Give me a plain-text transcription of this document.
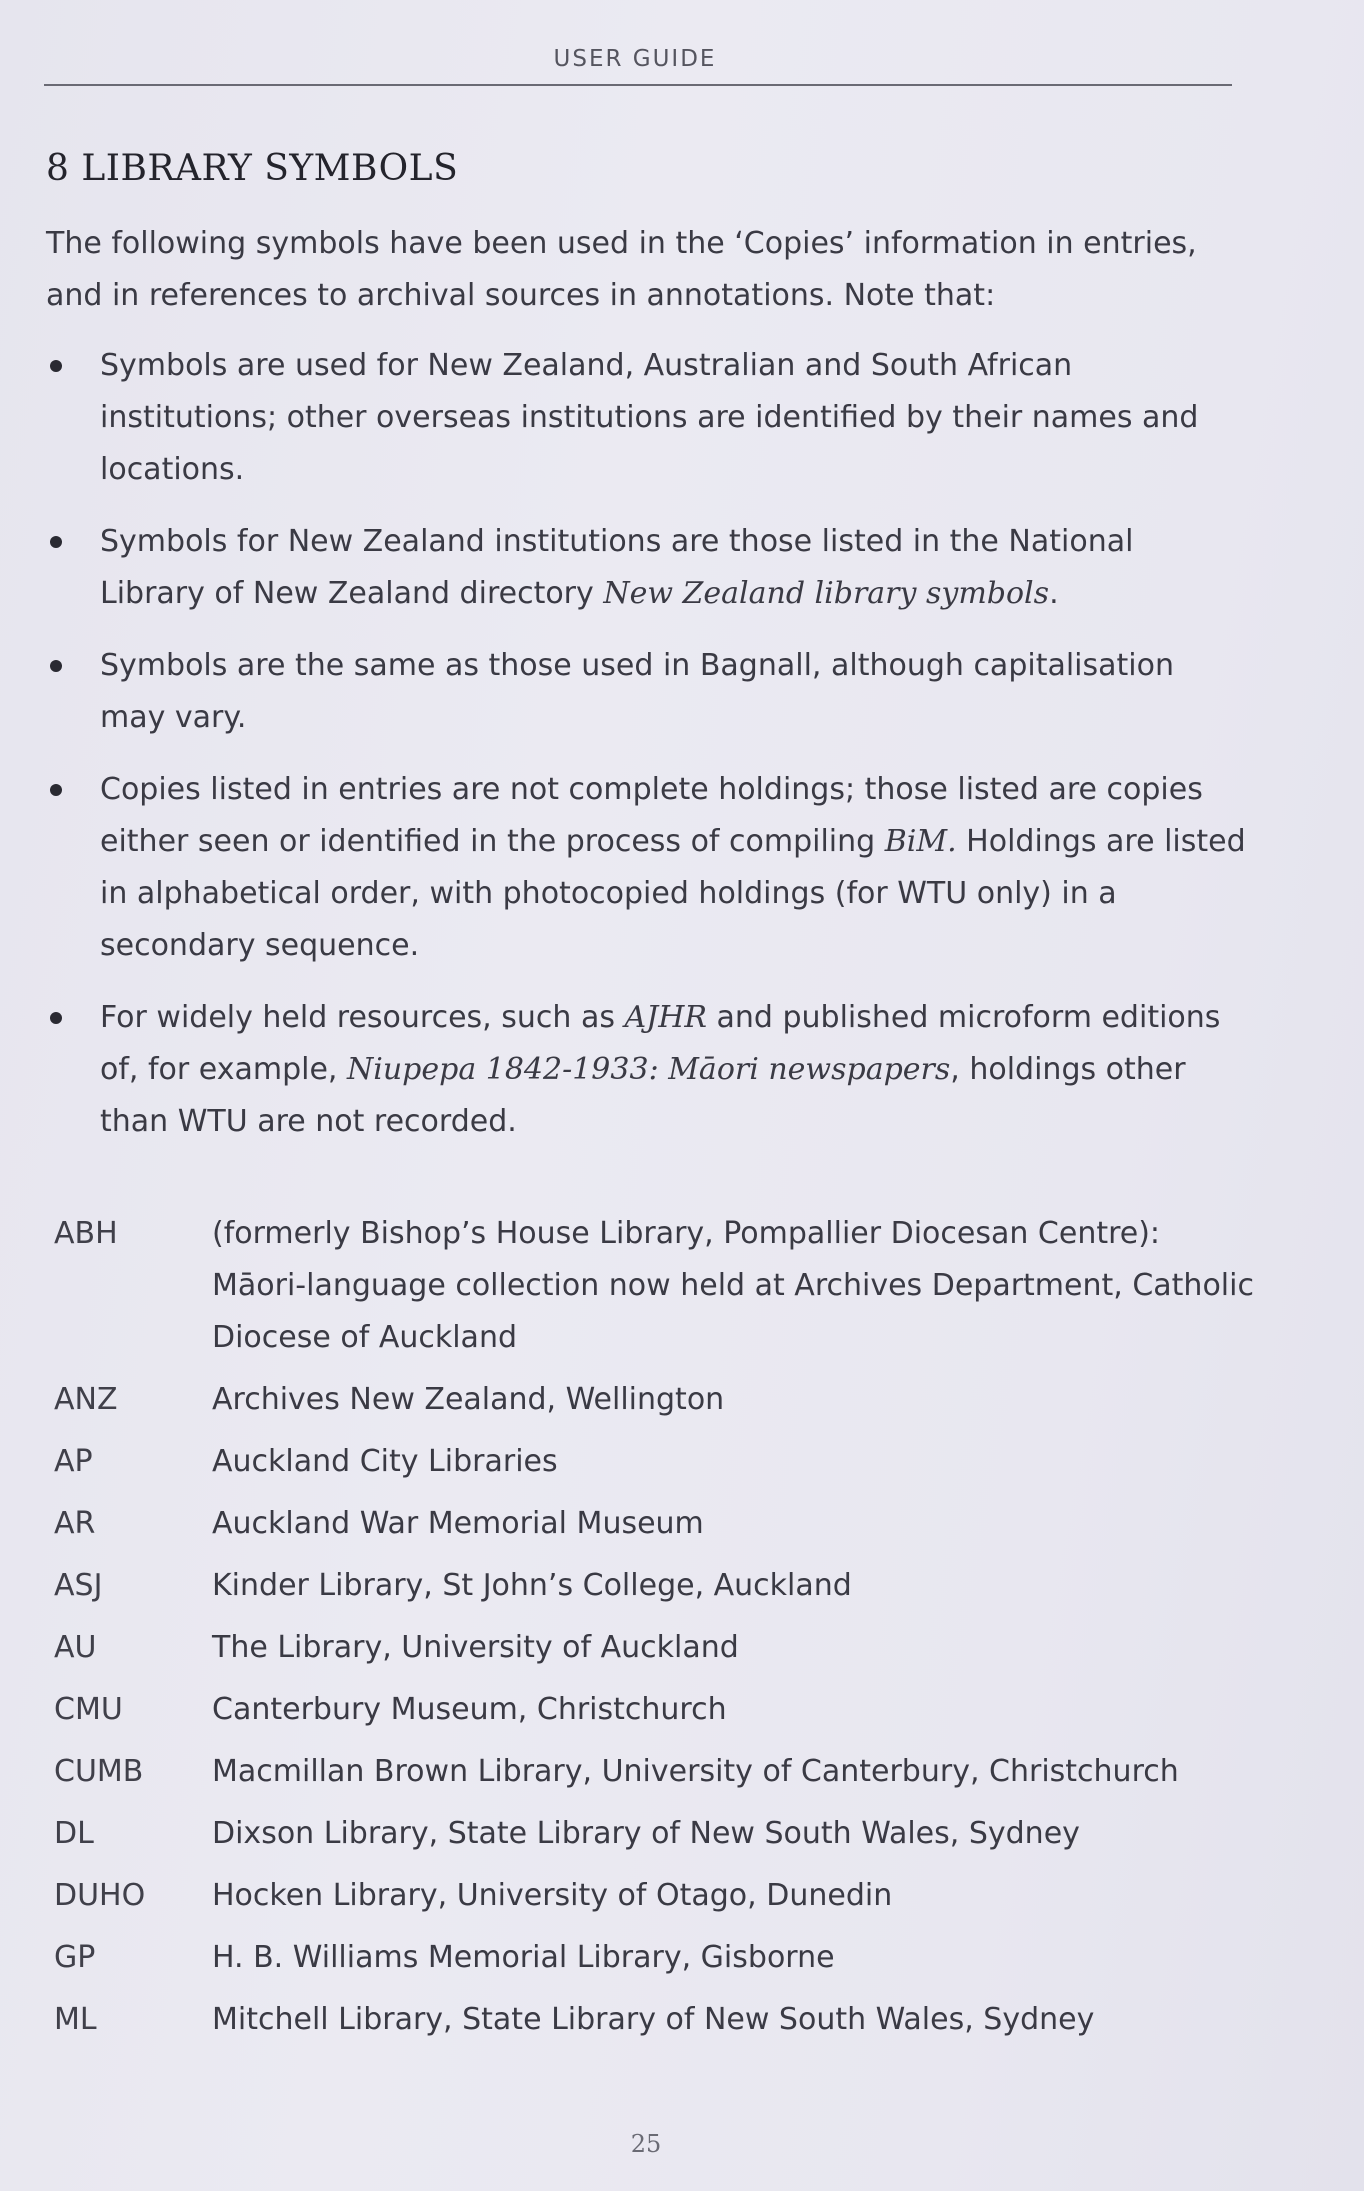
USER GUIDE
8 LIBRARY SYMBOLS

The following symbols have been used in the ‘Copies’ information in entries, and in references to archival sources in annotations. Note that:

Symbols are used for New Zealand, Australian and South African institutions; other overseas institutions are identified by their names and locations.
Symbols for New Zealand institutions are those listed in the National Library of New Zealand directory New Zealand library symbols.
Symbols are the same as those used in Bagnall, although capitalisation may vary.
Copies listed in entries are not complete holdings; those listed are copies either seen or identified in the process of compiling BiM. Holdings are listed in alphabetical order, with photocopied holdings (for WTU only) in a secondary sequence.
For widely held resources, such as AJHR and published microform editions of, for example, Niupepa 1842-1933: Māori newspapers, holdings other than WTU are not recorded.
ABH	(formerly Bishop’s House Library, Pompallier Diocesan Centre): Māori-language collection now held at Archives Department, Catholic Diocese of Auckland
ANZ	Archives New Zealand, Wellington
AP	Auckland City Libraries
AR	Auckland War Memorial Museum
ASJ	Kinder Library, St John’s College, Auckland
AU	The Library, University of Auckland
CMU	Canterbury Museum, Christchurch
CUMB	Macmillan Brown Library, University of Canterbury, Christchurch
DL	Dixson Library, State Library of New South Wales, Sydney
DUHO	Hocken Library, University of Otago, Dunedin
GP	H. B. Williams Memorial Library, Gisborne
ML	Mitchell Library, State Library of New South Wales, Sydney
25
